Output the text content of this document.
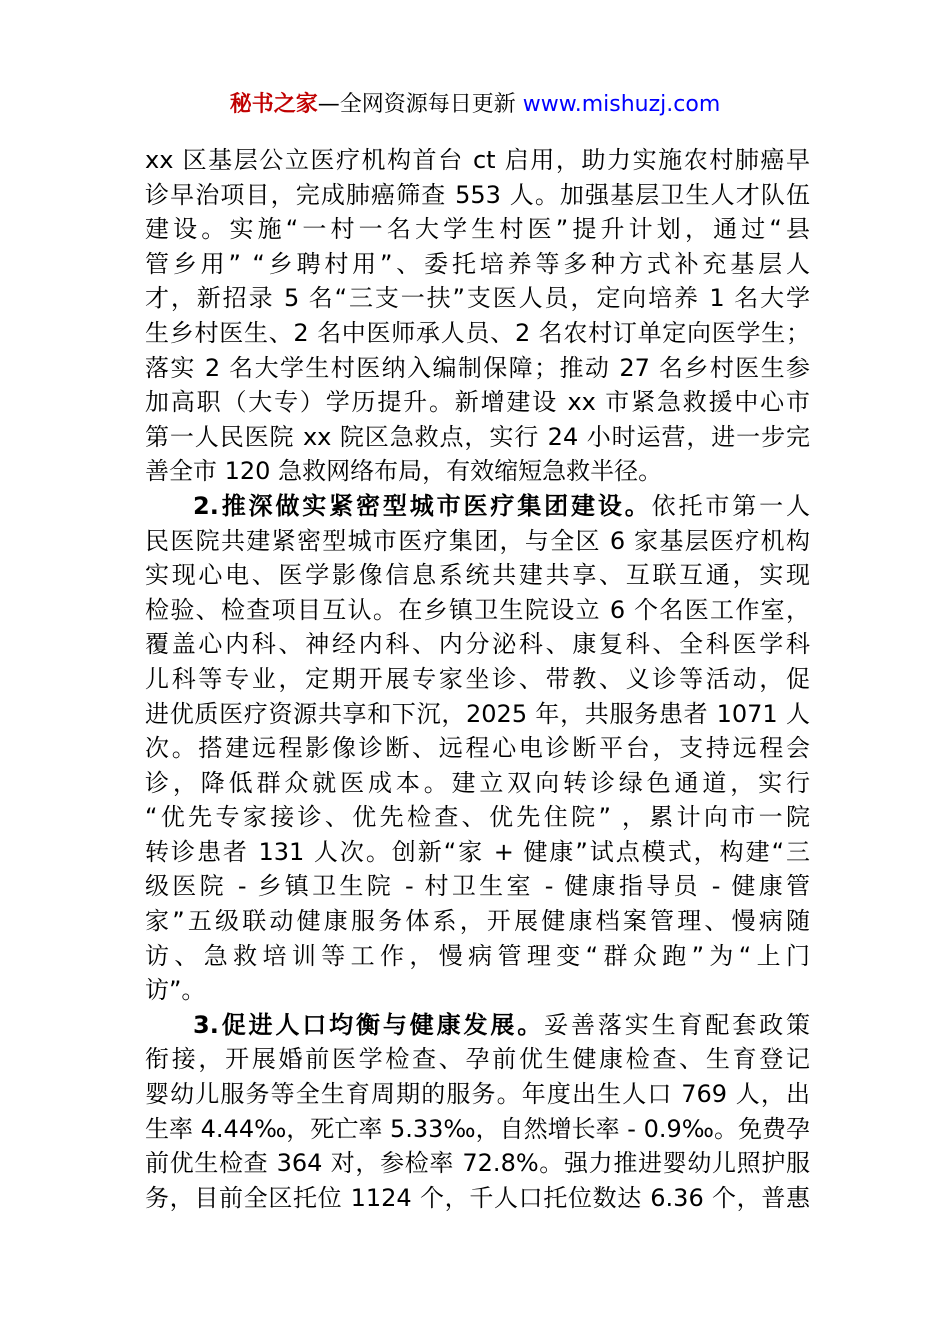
秘书之家—全网资源每日更新 www.mishuzj.com
xx 区基层公立医疗机构首台 ct 启用，助力实施农村肺癌早
诊早治项目，完成肺癌筛查 553 人。加强基层卫生人才队伍
建设。实施“一村一名大学生村医”提升计划，通过“县
管乡用” “乡聘村用”、委托培养等多种方式补充基层人
才，新招录 5 名“三支一扶”支医人员，定向培养 1 名大学
生乡村医生、2 名中医师承人员、2 名农村订单定向医学生；
落实 2 名大学生村医纳入编制保障；推动 27 名乡村医生参
加高职（大专）学历提升。新增建设 xx 市紧急救援中心市
第一人民医院 xx 院区急救点，实行 24 小时运营，进一步完
善全市 120 急救网络布局，有效缩短急救半径。
2.推深做实紧密型城市医疗集团建设。依托市第一人
民医院共建紧密型城市医疗集团，与全区 6 家基层医疗机构
实现心电、医学影像信息系统共建共享、互联互通，实现
检验、检查项目互认。在乡镇卫生院设立 6 个名医工作室，
覆盖心内科、神经内科、内分泌科、康复科、全科医学科
儿科等专业，定期开展专家坐诊、带教、义诊等活动，促
进优质医疗资源共享和下沉，2025 年，共服务患者 1071 人
次。搭建远程影像诊断、远程心电诊断平台，支持远程会
诊，降低群众就医成本。建立双向转诊绿色通道，实行
“优先专家接诊、优先检查、优先住院” ，累计向市一院
转诊患者 131 人次。创新“家 + 健康”试点模式，构建“三
级医院 - 乡镇卫生院 - 村卫生室 - 健康指导员 - 健康管
家”五级联动健康服务体系，开展健康档案管理、慢病随
访、急救培训等工作，慢病管理变“群众跑”为“上门
访”。
3.促进人口均衡与健康发展。妥善落实生育配套政策
衔接，开展婚前医学检查、孕前优生健康检查、生育登记
婴幼儿服务等全生育周期的服务。年度出生人口 769 人，出
生率 4.44‰，死亡率 5.33‰，自然增长率 - 0.9‰。免费孕
前优生检查 364 对，参检率 72.8%。强力推进婴幼儿照护服
务，目前全区托位 1124 个，千人口托位数达 6.36 个，普惠
